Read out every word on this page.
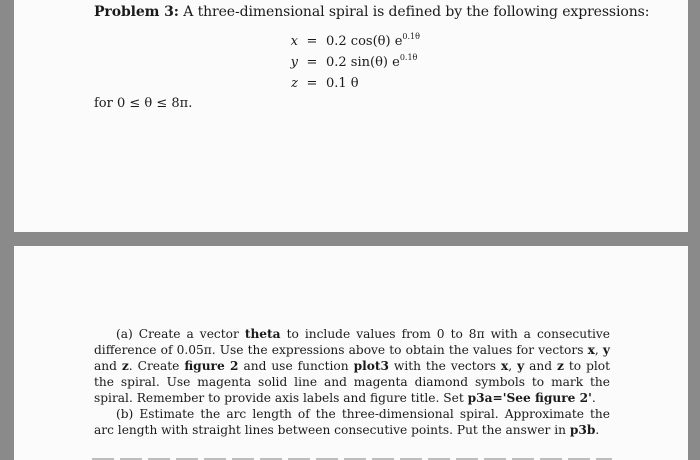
Problem 3: A three-dimensional spiral is defined by the following expressions:
x = 0.2 cos(θ) $e^{0.1\theta}$
y = 0.2 sin(θ) $e^{0.1\theta}$
z = 0.1 θ
for 0 ≤ θ ≤ 8π.
(a) Create a vector theta to include values from 0 to 8π with a consecutive difference of 0.05π. Use the expressions above to obtain the values for vectors x, y and z. Create figure 2 and use function plot3 with the vectors x, y and z to plot the spiral. Use magenta solid line and magenta diamond symbols to mark the spiral. Remember to provide axis labels and figure title. Set p3a='See figure 2'.
(b) Estimate the arc length of the three-dimensional spiral. Approximate the arc length with straight lines between consecutive points. Put the answer in p3b.
